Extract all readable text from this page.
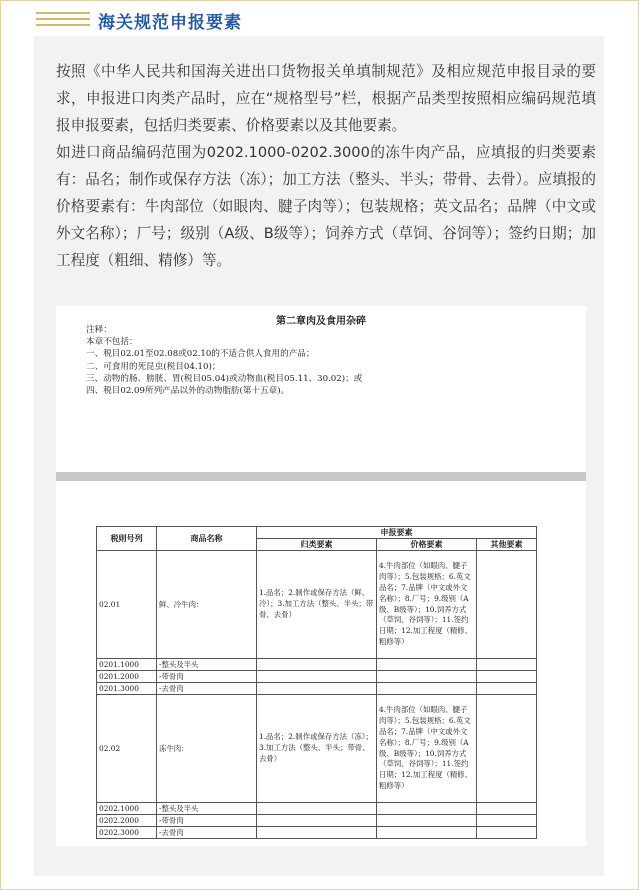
海关规范申报要素

按照《中华人民共和国海关进出口货物报关单填制规范》及相应规范申报目录的要求，申报进口肉类产品时，应在“规格型号”栏，根据产品类型按照相应编码规范填报申报要素，包括归类要素、价格要素以及其他要素。

如进口商品编码范围为0202.1000-0202.3000的冻牛肉产品，应填报的归类要素有：品名；制作或保存方法（冻）；加工方法（整头、半头；带骨、去骨）。应填报的价格要素有：牛肉部位（如眼肉、腱子肉等）；包装规格；英文品名；品牌（中文或外文名称）；厂号；级别（A级、B级等）；饲养方式（草饲、谷饲等）；签约日期；加工程度（粗细、精修）等。

第二章肉及食用杂碎
注释：
本章不包括：
一、税目02.01至02.08或02.10的不适合供人食用的产品；
二、可食用的死昆虫(税目04.10)；
三、动物的肠、膀胱、胃(税目05.04)或动物血(税目05.11、30.02)；或
四、税目02.09所列产品以外的动物脂肪(第十五章)。
税则号列	商品名称	申报要素		
		归类要素	价格要素	其他要素
02.01	鲜、冷牛肉：	1.品名；2.制作或保存方法（鲜、冷）；3.加工方法（整头、半头；带骨、去骨）	4.牛肉部位（如眼肉、腱子肉等）；5.包装规格；6.英文品名；7.品牌（中文或外文名称）；8.厂号；9.级别（A级、B级等）；10.饲养方式（草饲、谷饲等）；11.签约日期；12.加工程度（精修、粗修等）	
0201.1000	-整头及半头			
0201.2000	-带骨肉			
0201.3000	-去骨肉			
02.02	冻牛肉：	1.品名；2.制作或保存方法（冻）；3.加工方法（整头、半头；带骨、去骨）	4.牛肉部位（如眼肉、腱子肉等）；5.包装规格；6.英文品名；7.品牌（中文或外文名称）；8.厂号；9.级别（A级、B级等）；10.饲养方式（草饲、谷饲等）；11.签约日期；12.加工程度（精修、粗修等）	
0202.1000	-整头及半头			
0202.2000	-带骨肉			
0202.3000	-去骨肉			
